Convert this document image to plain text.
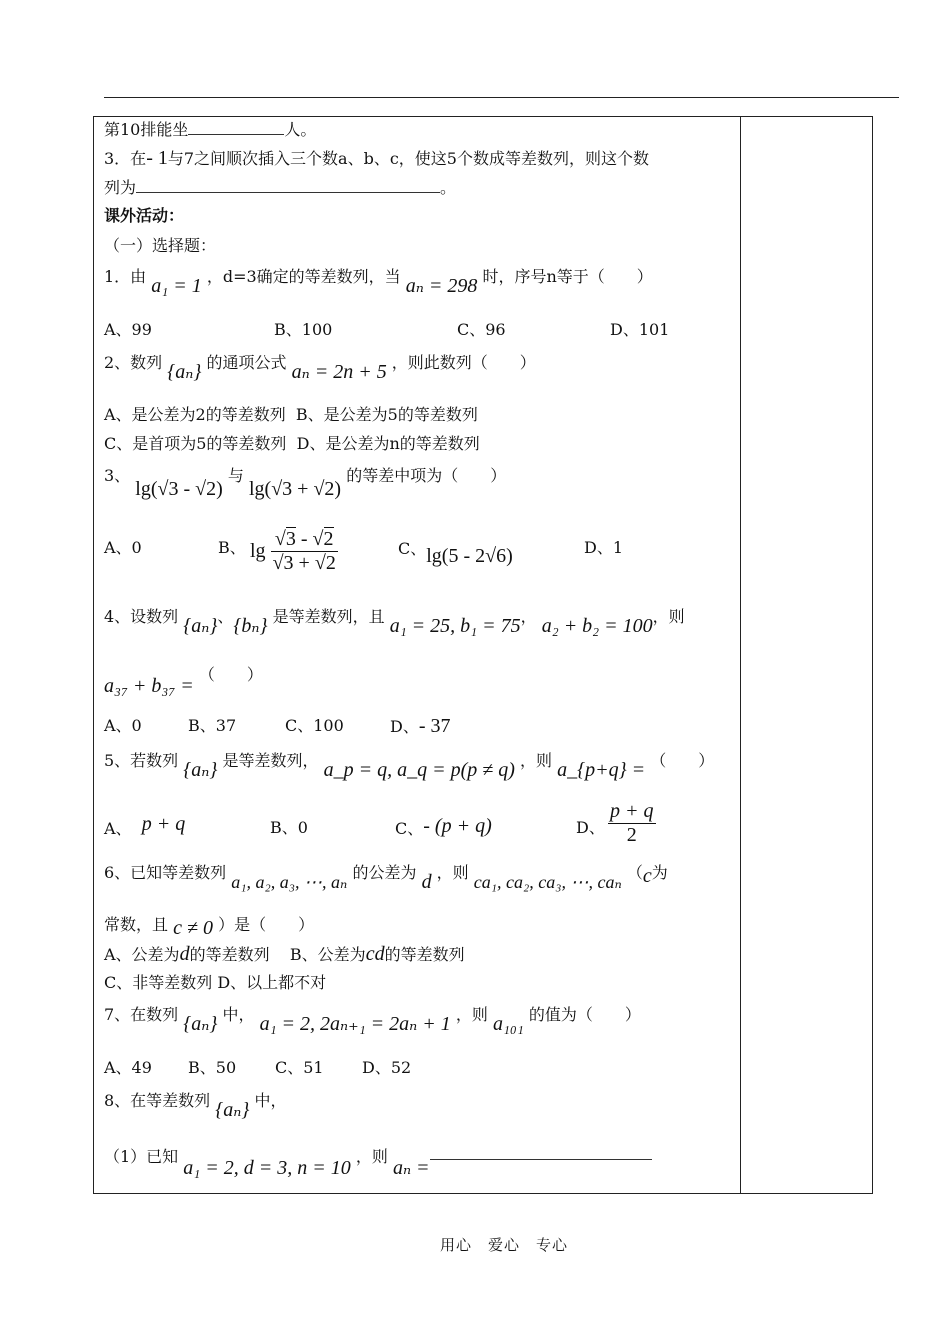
第10排能坐	人。
3．在- 1与7之间顺次插入三个数a、b、c，使这5个数成等差数列，则这个数
列为	。
课外活动：
（一）选择题：
1．由 a₁ = 1 ，d=3确定的等差数列，当 aₙ = 298 时，序号n等于（　　）
A、99	B、100	C、96	D、101
2、数列 {aₙ} 的通项公式 aₙ = 2n + 5 ，则此数列（　　）
A、是公差为2的等差数列 B、是公差为5的等差数列
C、是首项为5的等差数列 D、是公差为n的等差数列
3、 lg(√3 - √2) 与 lg(√3 + √2) 的等差中项为（　　）
A、0	B、 $\lg \frac{√3 - √2}{√3 + √2}$	C、lg(5 - 2√6)	D、1
4、设数列 {aₙ}、{bₙ} 是等差数列，且 a₁ = 25, b₁ = 75， a₂ + b₂ = 100，则
a₃₇ + b₃₇ = （　　）
A、0	B、37	C、100	D、- 37
5、若数列 {aₙ} 是等差数列， a_p = q, a_q = p(p ≠ q) ，则 a_{p+q} = （　　）
A、 p + q	B、0	C、- (p + q)	D、 $\frac{p + q}{2}$
6、已知等差数列 a₁, a₂, a₃, ⋯, aₙ 的公差为 d ，则 ca₁, ca₂, ca₃, ⋯, caₙ （c为
常数，且 c ≠ 0 ）是（　　）
A、公差为d的等差数列 B、公差为cd的等差数列
C、非等差数列 D、以上都不对
7、在数列 {aₙ} 中， a₁ = 2, 2aₙ₊₁ = 2aₙ + 1 ，则 a₁₀₁ 的值为（　　）
A、49 B、50 C、51 D、52
8、在等差数列 {aₙ} 中，
（1）已知 a₁ = 2, d = 3, n = 10 ，则 aₙ =
用心　爱心　专心
